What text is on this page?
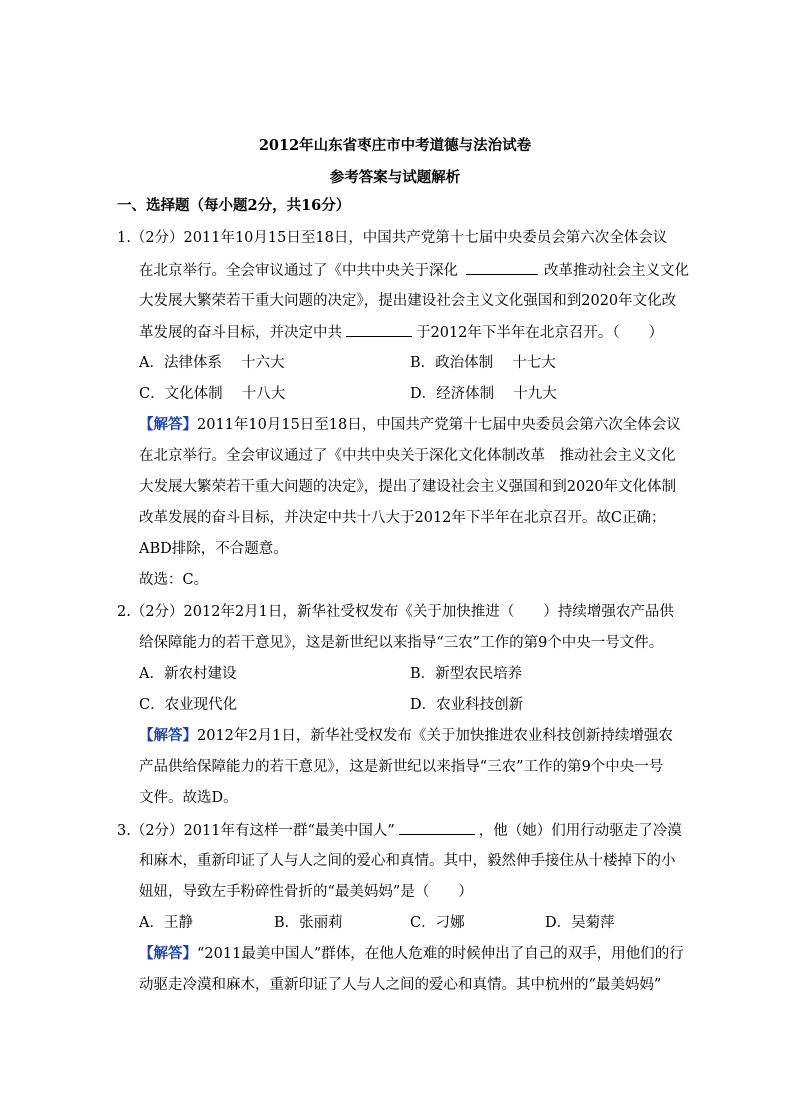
2012年山东省枣庄市中考道德与法治试卷
参考答案与试题解析
一、选择题（每小题2分，共16分）
1.（2分）2011年10月15日至18日，中国共产党第十七届中央委员会第六次全体会议
在北京举行。全会审议通过了《中共中央关于深化	改革推动社会主义文化
大发展大繁荣若干重大问题的决定》，提出建设社会主义文化强国和到2020年文化改
革发展的奋斗目标，并决定中共	于2012年下半年在北京召开。（　　）
A．法律体系　 十六大	B．政治体制　 十七大
C．文化体制　 十八大	D．经济体制　 十九大
【解答】2011年10月15日至18日，中国共产党第十七届中央委员会第六次全体会议
在北京举行。全会审议通过了《中共中央关于深化文化体制改革　推动社会主义文化
大发展大繁荣若干重大问题的决定》，提出了建设社会主义强国和到2020年文化体制
改革发展的奋斗目标，并决定中共十八大于2012年下半年在北京召开。故C正确；
ABD排除，不合题意。
故选：C。
2.（2分）2012年2月1日，新华社受权发布《关于加快推进（　　）持续增强农产品供
给保障能力的若干意见》，这是新世纪以来指导“三农”工作的第9个中央一号文件。
A．新农村建设	B．新型农民培养
C．农业现代化	D．农业科技创新
【解答】2012年2月1日，新华社受权发布《关于加快推进农业科技创新持续增强农
产品供给保障能力的若干意见》，这是新世纪以来指导“三农”工作的第9个中央一号
文件。故选D。
3.（2分）2011年有这样一群“最美中国人”	，他（她）们用行动驱走了冷漠
和麻木，重新印证了人与人之间的爱心和真情。其中，毅然伸手接住从十楼掉下的小
妞妞，导致左手粉碎性骨折的“最美妈妈”是（　　）
A．王静	B．张丽莉	C．刁娜	D．吴菊萍
【解答】“2011最美中国人”群体，在他人危难的时候伸出了自己的双手，用他们的行
动驱走冷漠和麻木，重新印证了人与人之间的爱心和真情。其中杭州的“最美妈妈”
